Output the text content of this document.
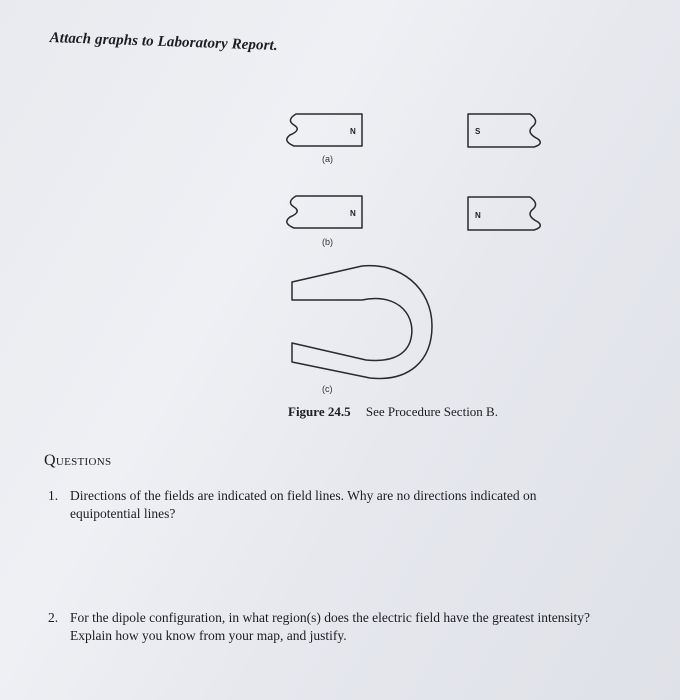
Attach graphs to Laboratory Report.
N	S
(a)
N	N
(b)
(c)
Figure 24.5 See Procedure Section B.
Questions
1. Directions of the fields are indicated on field lines. Why are no directions indicated on equipotential lines?
2. For the dipole configuration, in what region(s) does the electric field have the greatest intensity? Explain how you know from your map, and justify.
